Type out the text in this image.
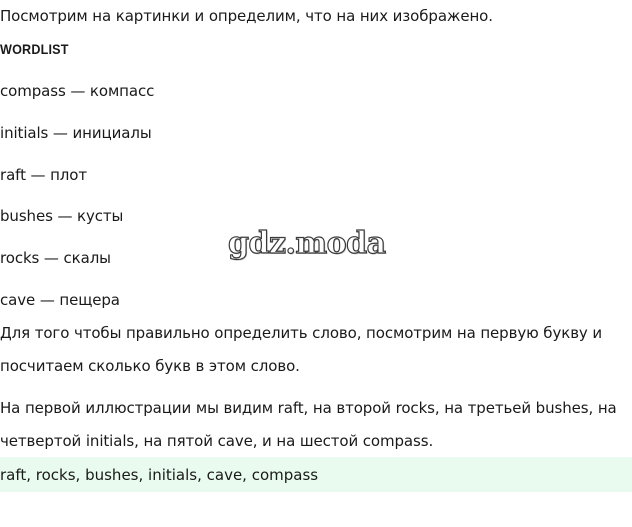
Посмотрим на картинки и определим, что на них изображено.
WORDLIST
compass — компасс
initials — инициалы
raft — плот
bushes — кусты
rocks — скалы
cave — пещера
Для того чтобы правильно определить слово, посмотрим на первую букву и
посчитаем сколько букв в этом слово.
На первой иллюстрации мы видим raft, на второй rocks, на третьей bushes, на
четвертой initials, на пятой cave, и на шестой compass.
raft, rocks, bushes, initials, cave, compass
gdz.moda
